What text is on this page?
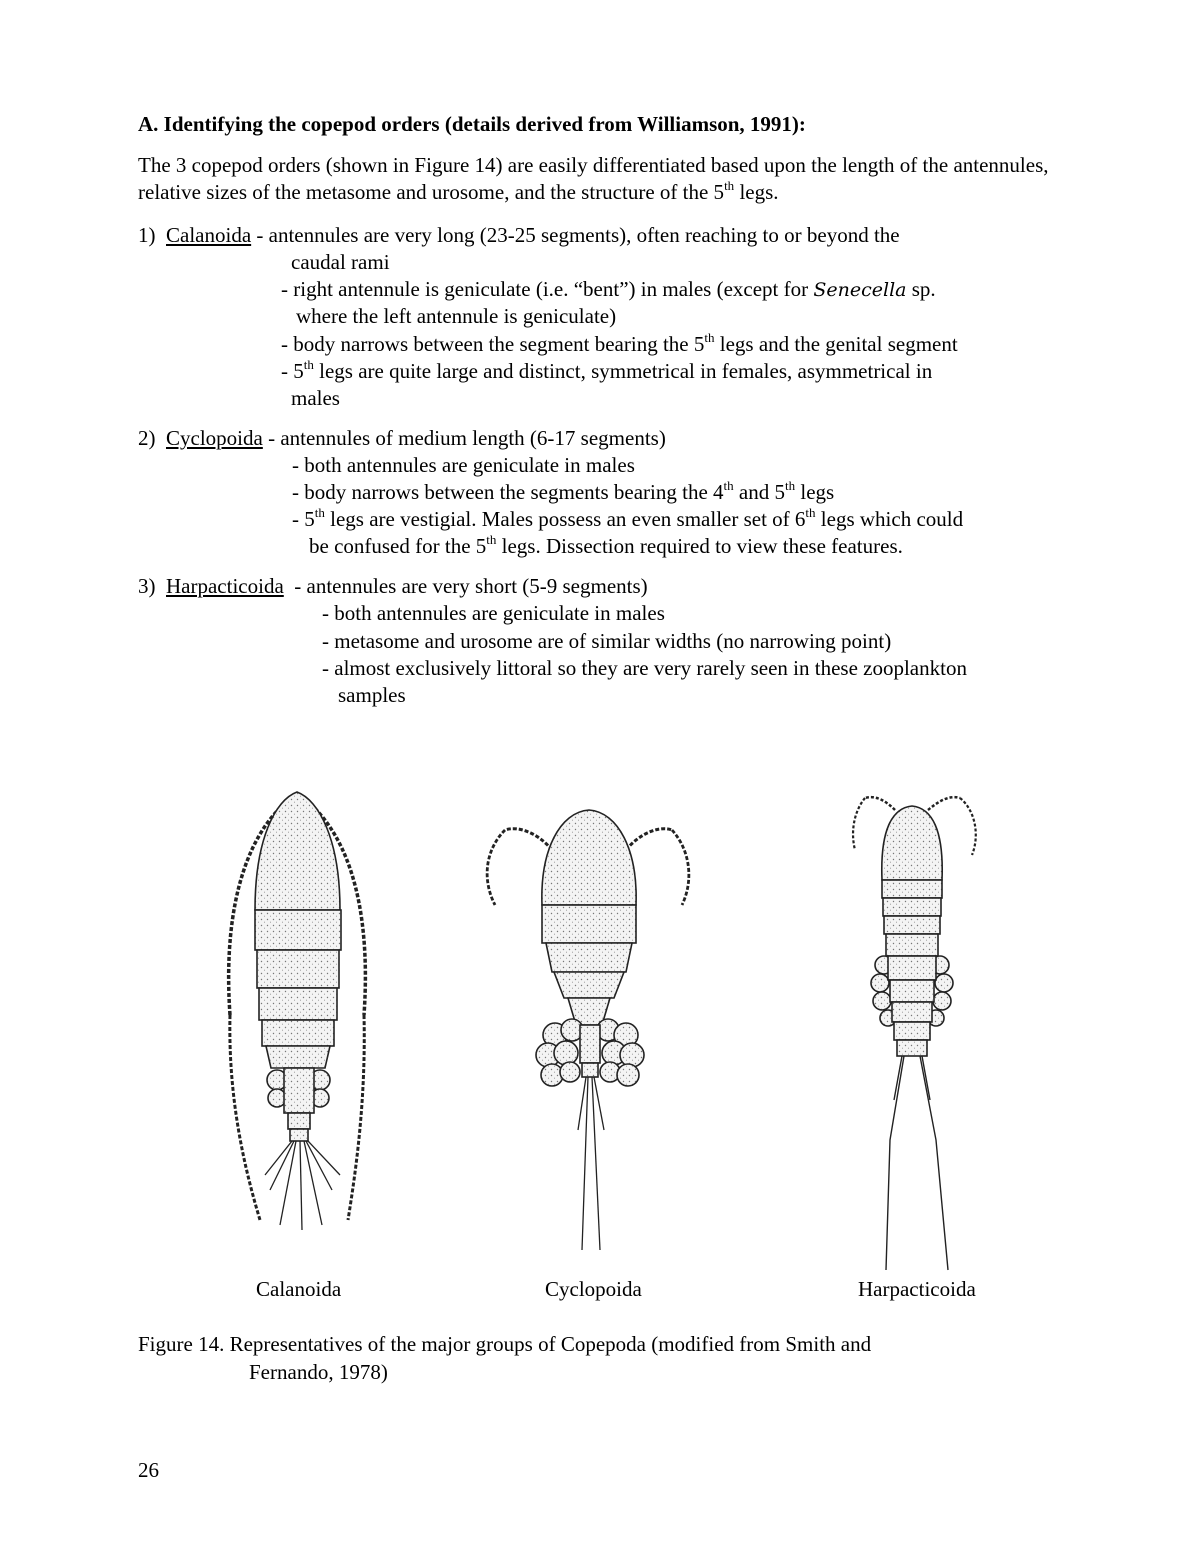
A. Identifying the copepod orders (details derived from Williamson, 1991):
The 3 copepod orders (shown in Figure 14) are easily differentiated based upon the length of the antennules, relative sizes of the metasome and urosome, and the structure of the 5th legs.
1) Calanoida - antennules are very long (23-25 segments), often reaching to or beyond the
caudal rami
- right antennule is geniculate (i.e. “bent”) in males (except for Senecella sp.
where the left antennule is geniculate)
- body narrows between the segment bearing the 5th legs and the genital segment
- 5th legs are quite large and distinct, symmetrical in females, asymmetrical in
males
2) Cyclopoida - antennules of medium length (6-17 segments)
- both antennules are geniculate in males
- body narrows between the segments bearing the 4th and 5th legs
- 5th legs are vestigial. Males possess an even smaller set of 6th legs which could
be confused for the 5th legs. Dissection required to view these features.
3) Harpacticoida - antennules are very short (5-9 segments)
- both antennules are geniculate in males
- metasome and urosome are of similar widths (no narrowing point)
- almost exclusively littoral so they are very rarely seen in these zooplankton
samples
Calanoida	Cyclopoida	Harpacticoida
Figure 14. Representatives of the major groups of Copepoda (modified from Smith and
Fernando, 1978)
26
